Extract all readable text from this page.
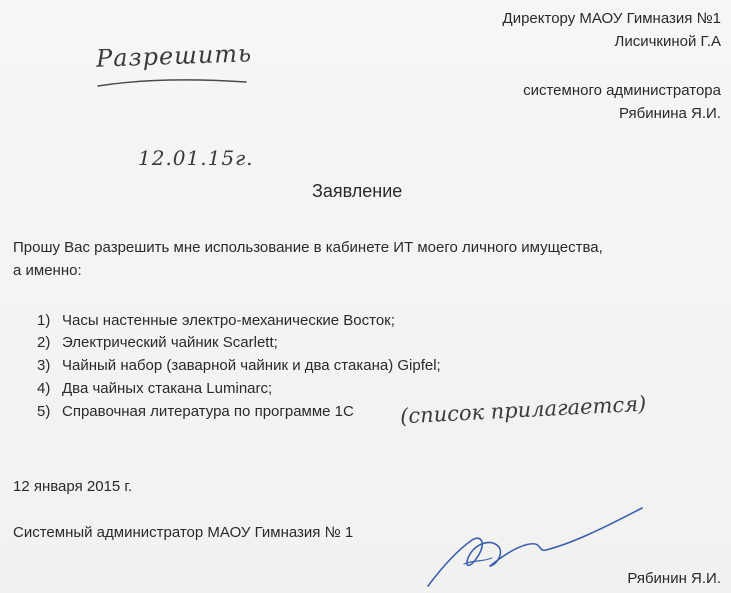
Директору МАОУ Гимназия №1
Лисичкиной Г.А
системного администратора
Рябинина Я.И.
Разрешить
12.01.15г.
Заявление
Прошу Вас разрешить мне использование в кабинете ИТ моего личного имущества,
а именно:
1) Часы настенные электро-механические Восток;
2) Электрический чайник Scarlett;
3) Чайный набор (заварной чайник и два стакана) Gipfel;
4) Два чайных стакана Luminarc;
5) Справочная литература по программе 1С (список прилагается)
12 января 2015 г.
Системный администратор МАОУ Гимназия № 1
Рябинин Я.И.
